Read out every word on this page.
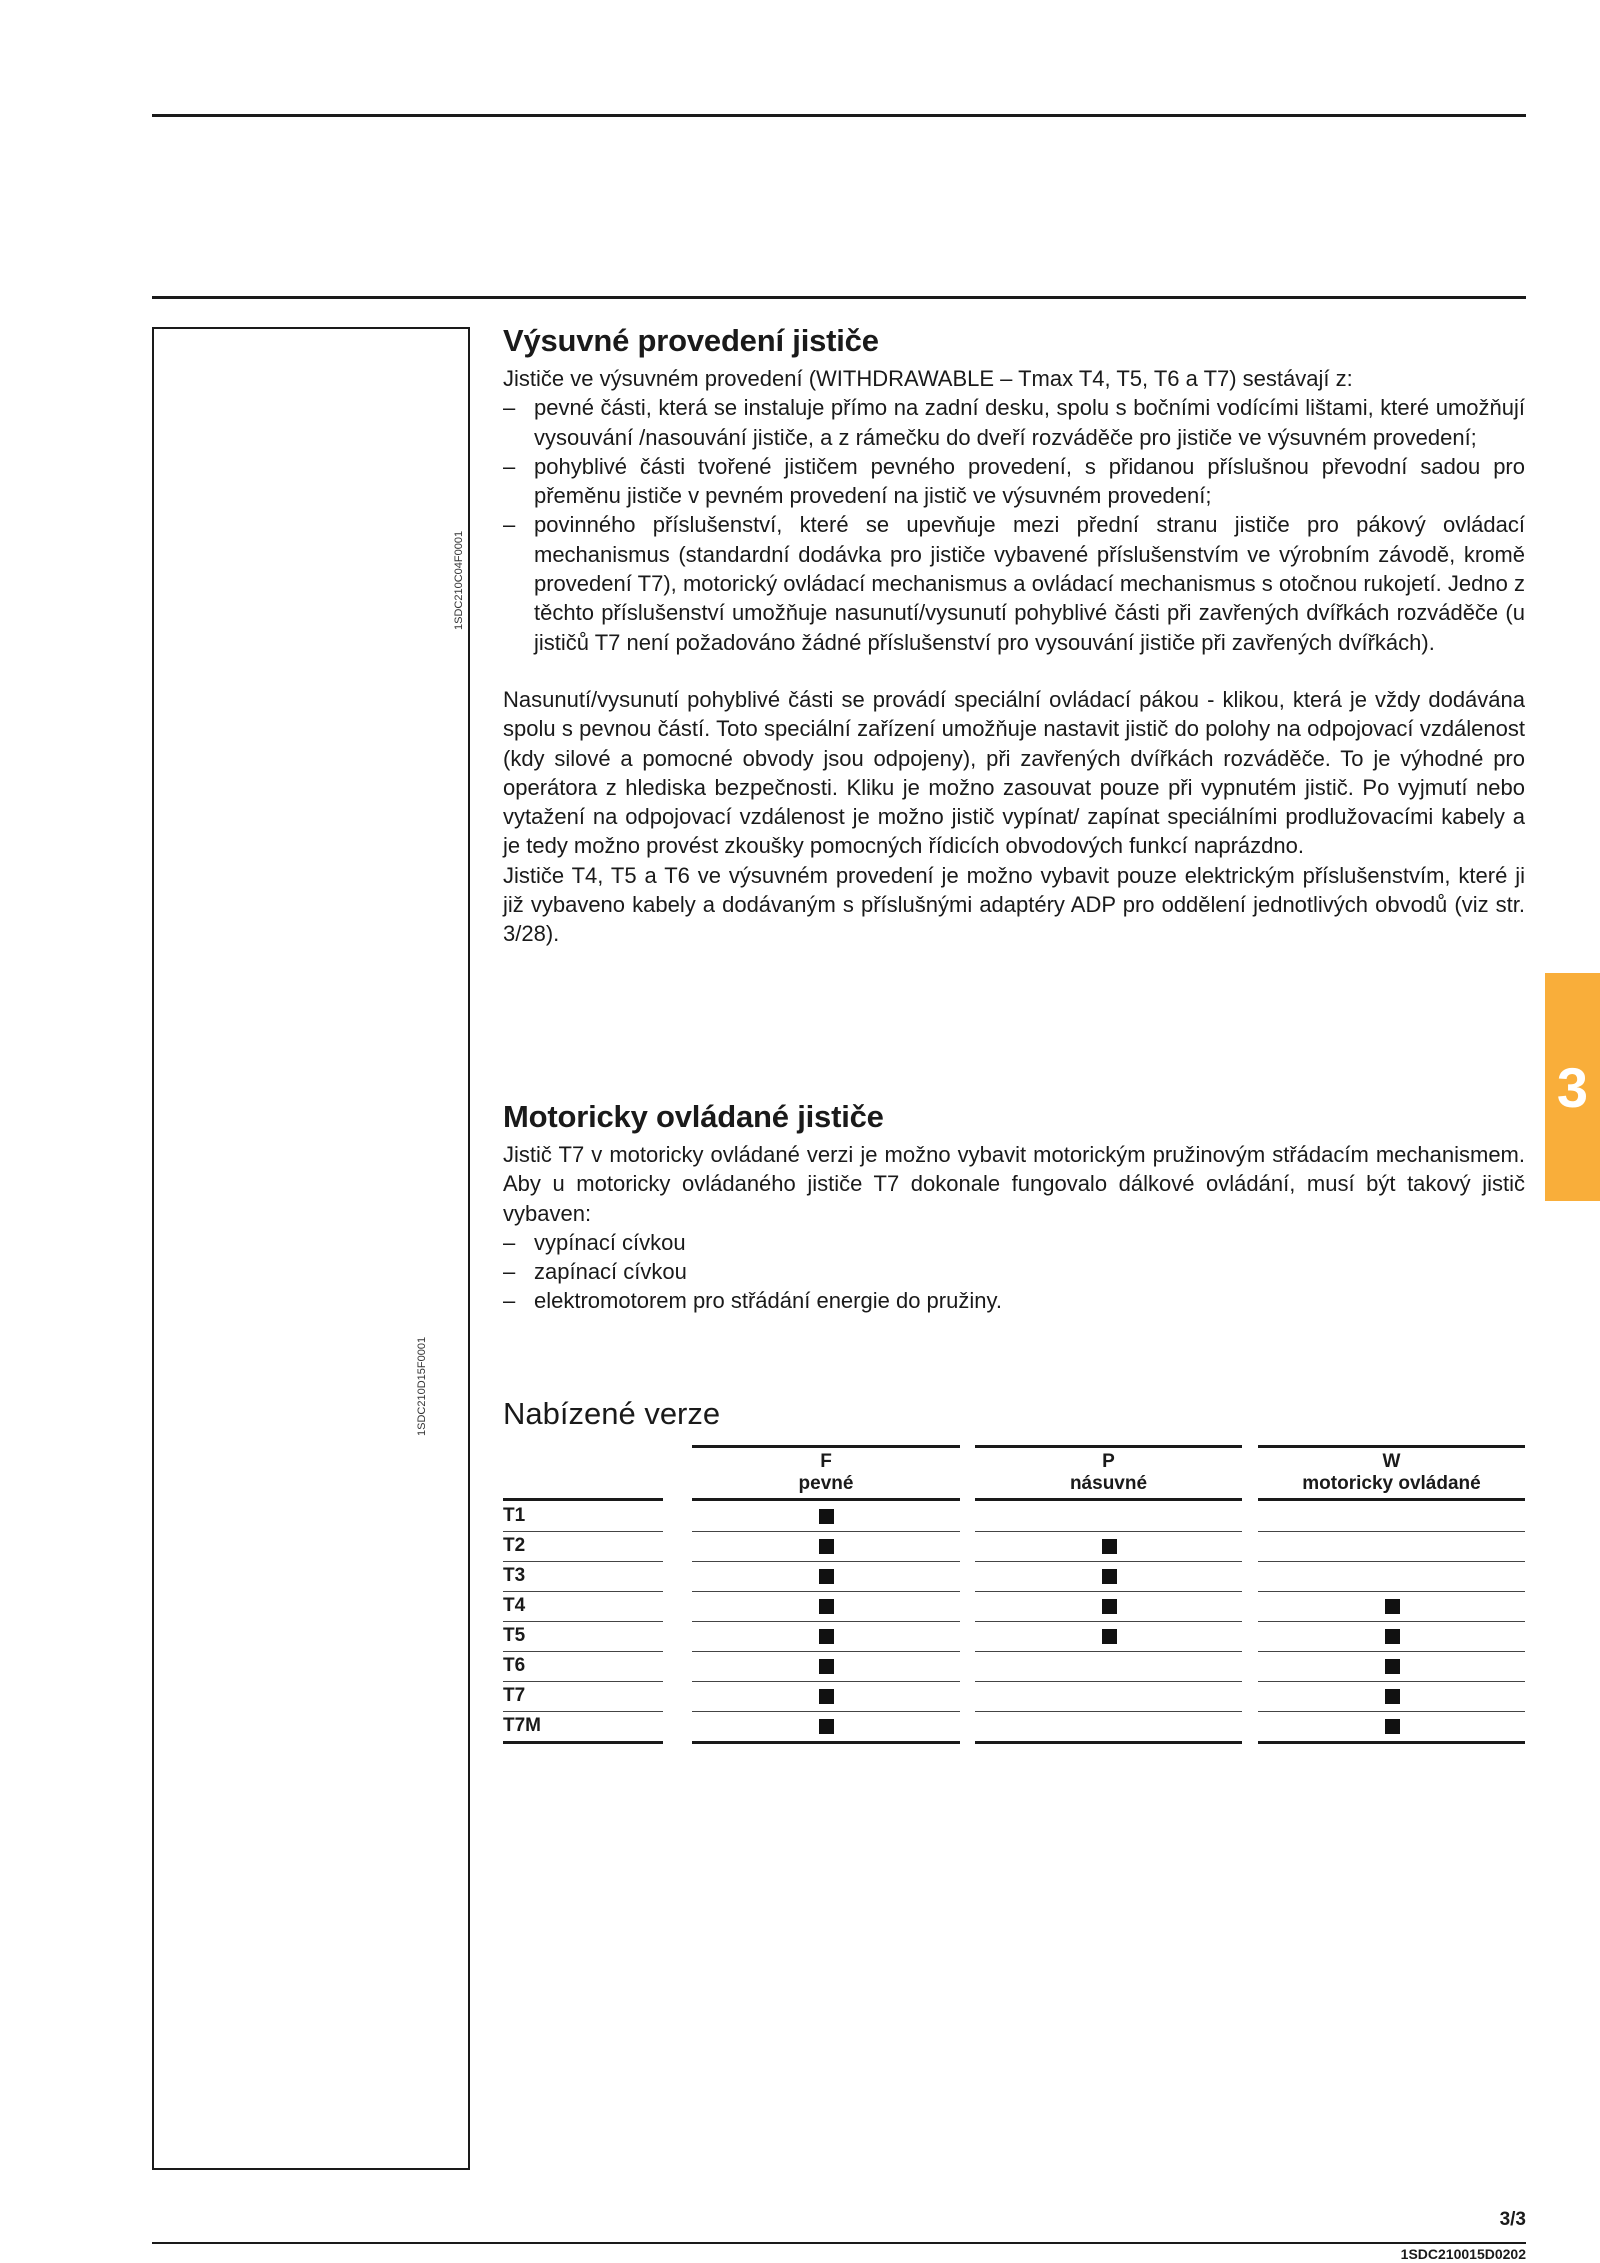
1SDC210C04F0001
1SDC210D15F0001
Výsuvné provedení jističe

Jističe ve výsuvném provedení (WITHDRAWABLE – Tmax T4, T5, T6 a T7) sestávají z:

– pevné části, která se instaluje přímo na zadní desku, spolu s bočními vodícími lištami, které umožňují vysouvání /nasouvání jističe, a z rámečku do dveří rozváděče pro jističe ve výsuvném provedení;
– pohyblivé části tvořené jističem pevného provedení, s přidanou příslušnou převodní sadou pro přeměnu jističe v pevném provedení na jistič ve výsuvném provedení;
– povinného příslušenství, které se upevňuje mezi přední stranu jističe pro pákový ovládací mechanismus (standardní dodávka pro jističe vybavené příslušenstvím ve výrobním závodě, kromě provedení T7), motorický ovládací mechanismus a ovládací mechanismus s otočnou rukojetí. Jedno z těchto příslušenství umožňuje nasunutí/vysunutí pohyblivé části při zavřených dvířkách rozváděče (u jističů T7 není požadováno žádné příslušenství pro vysouvání jističe při zavřených dvířkách).

Nasunutí/vysunutí pohyblivé části se provádí speciální ovládací pákou - klikou, která je vždy dodávána spolu s pevnou částí. Toto speciální zařízení umožňuje nastavit jistič do polohy na odpojovací vzdálenost (kdy silové a pomocné obvody jsou odpojeny), při zavřených dvířkách rozváděče. To je výhodné pro operátora z hlediska bezpečnosti. Kliku je možno zasouvat pouze při vypnutém jistič. Po vyjmutí nebo vytažení na odpojovací vzdálenost je možno jistič vypínat/ zapínat speciálními prodlužovacími kabely a je tedy možno provést zkoušky pomocných řídicích obvodových funkcí naprázdno.

Jističe T4, T5 a T6 ve výsuvném provedení je možno vybavit pouze elektrickým příslušenstvím, které ji již vybaveno kabely a dodávaným s příslušnými adaptéry ADP pro oddělení jednotlivých obvodů (viz str. 3/28).

Motoricky ovládané jističe

Jistič T7 v motoricky ovládané verzi je možno vybavit motorickým pružinovým střádacím mechanismem. Aby u motoricky ovládaného jističe T7 dokonale fungovalo dálkové ovládání, musí být takový jistič vybaven:

– vypínací cívkou
– zapínací cívkou
– elektromotorem pro střádání energie do pružiny.
Nabízené verze
F
pevné
P
násuvné
W
motoricky ovládané
T1
T2
T3
T4
T5
T6
T7
T7M
3
3/3
1SDC210015D0202
